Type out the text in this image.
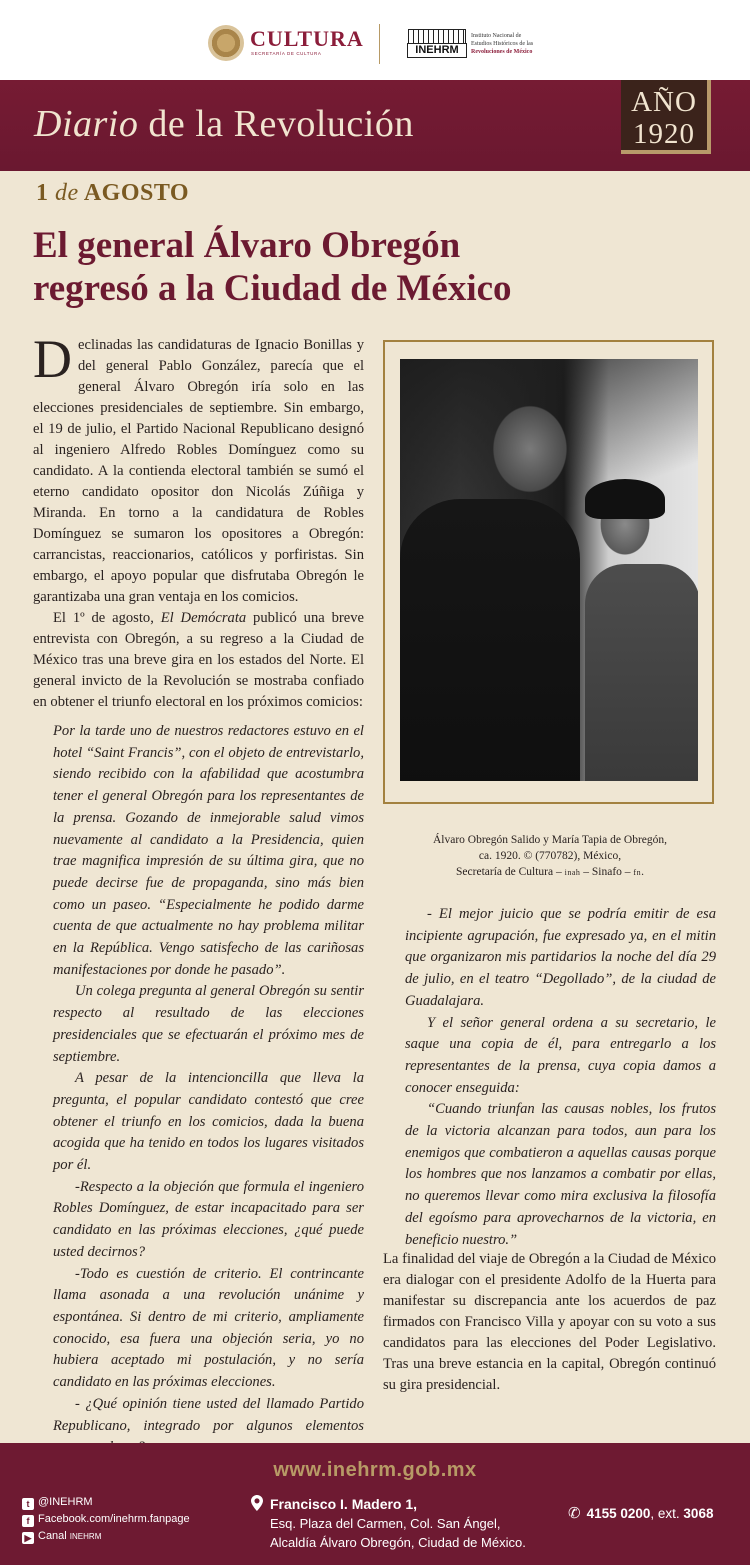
CULTURA
SECRETARÍA DE CULTURA	INEHRM
Instituto Nacional de
Estudios Históricos de las
Revoluciones de México
Diario de la Revolución
AÑO
1920
1 de AGOSTO
El general Álvaro Obregón
regresó a la Ciudad de México

Declinadas las candidaturas de Ignacio Bonillas y del general Pablo González, parecía que el general Álvaro Obregón iría solo en las elecciones presidenciales de septiembre. Sin embargo, el 19 de julio, el Partido Nacional Republicano designó al ingeniero Alfredo Robles Domínguez como su candidato. A la contienda electoral también se sumó el eterno candidato opositor don Nicolás Zúñiga y Miranda. En torno a la candidatura de Robles Domínguez se sumaron los opositores a Obregón: carrancistas, reaccionarios, católicos y porfiristas. Sin embargo, el apoyo popular que disfrutaba Obregón le garantizaba una gran ventaja en los comicios.

El 1º de agosto, El Demócrata publicó una breve entrevista con Obregón, a su regreso a la Ciudad de México tras una breve gira en los estados del Norte. El general invicto de la Revolución se mostraba confiado en obtener el triunfo electoral en los próximos comicios:

Por la tarde uno de nuestros redactores estuvo en el hotel “Saint Francis”, con el objeto de entrevistarlo, siendo recibido con la afabilidad que acostumbra tener el general Obregón para los representantes de la prensa. Gozando de inmejorable salud vimos nuevamente al candidato a la Presidencia, quien trae magnifica impresión de su última gira, que no puede decirse fue de propaganda, sino más bien como un paseo. “Especialmente he podido darme cuenta de que actualmente no hay problema militar en la República. Vengo satisfecho de las cariñosas manifestaciones por donde he pasado”.

Un colega pregunta al general Obregón su sentir respecto al resultado de las elecciones presidenciales que se efectuarán el próximo mes de septiembre.

A pesar de la intencioncilla que lleva la pregunta, el popular candidato contestó que cree obtener el triunfo en los comicios, dada la buena acogida que ha tenido en todos los lugares visitados por él.

-Respecto a la objeción que formula el ingeniero Robles Domínguez, de estar incapacitado para ser candidato en las próximas elecciones, ¿qué puede usted decirnos?

-Todo es cuestión de criterio. El contrincante llama asonada a una revolución unánime y espontánea. Si dentro de mi criterio, ampliamente conocido, esa fuera una objeción seria, yo no hubiera aceptado mi postulación, y no sería candidato en las próximas elecciones.

- ¿Qué opinión tiene usted del llamado Partido Republicano, integrado por algunos elementos

Álvaro Obregón Salido y María Tapia de Obregón,
ca. 1920. © (770782), México,
Secretaría de Cultura – inah – Sinafo – fn.

- El mejor juicio que se podría emitir de esa incipiente agrupación, fue expresado ya, en el mitin que organizaron mis partidarios la noche del día 29 de julio, en el teatro “Degollado”, de la ciudad de Guadalajara.

Y el señor general ordena a su secretario, le saque una copia de él, para entregarlo a los representantes de la prensa, cuya copia damos a conocer enseguida:

“Cuando triunfan las causas nobles, los frutos de la victoria alcanzan para todos, aun para los enemigos que combatieron a aquellas causas porque los hombres que nos lanzamos a combatir por ellas, no queremos llevar como mira exclusiva la filosofía del egoísmo para aprovecharnos de la victoria, en beneficio nuestro.”

La finalidad del viaje de Obregón a la Ciudad de México era dialogar con el presidente Adolfo de la Huerta para manifestar su discrepancia ante los acuerdos de paz firmados con Francisco Villa y apoyar con su voto a sus candidatos para las elecciones del Poder Legislativo. Tras una breve estancia en la capital, Obregón continuó su gira presidencial.
www.inehrm.gob.mx
t @INEHRM
f Facebook.com/inehrm.fanpage
▶ Canal INEHRM
Francisco I. Madero 1,
Esq. Plaza del Carmen, Col. San Ángel,
Alcaldía Álvaro Obregón, Ciudad de México.
✆ 4155 0200, ext. 3068
